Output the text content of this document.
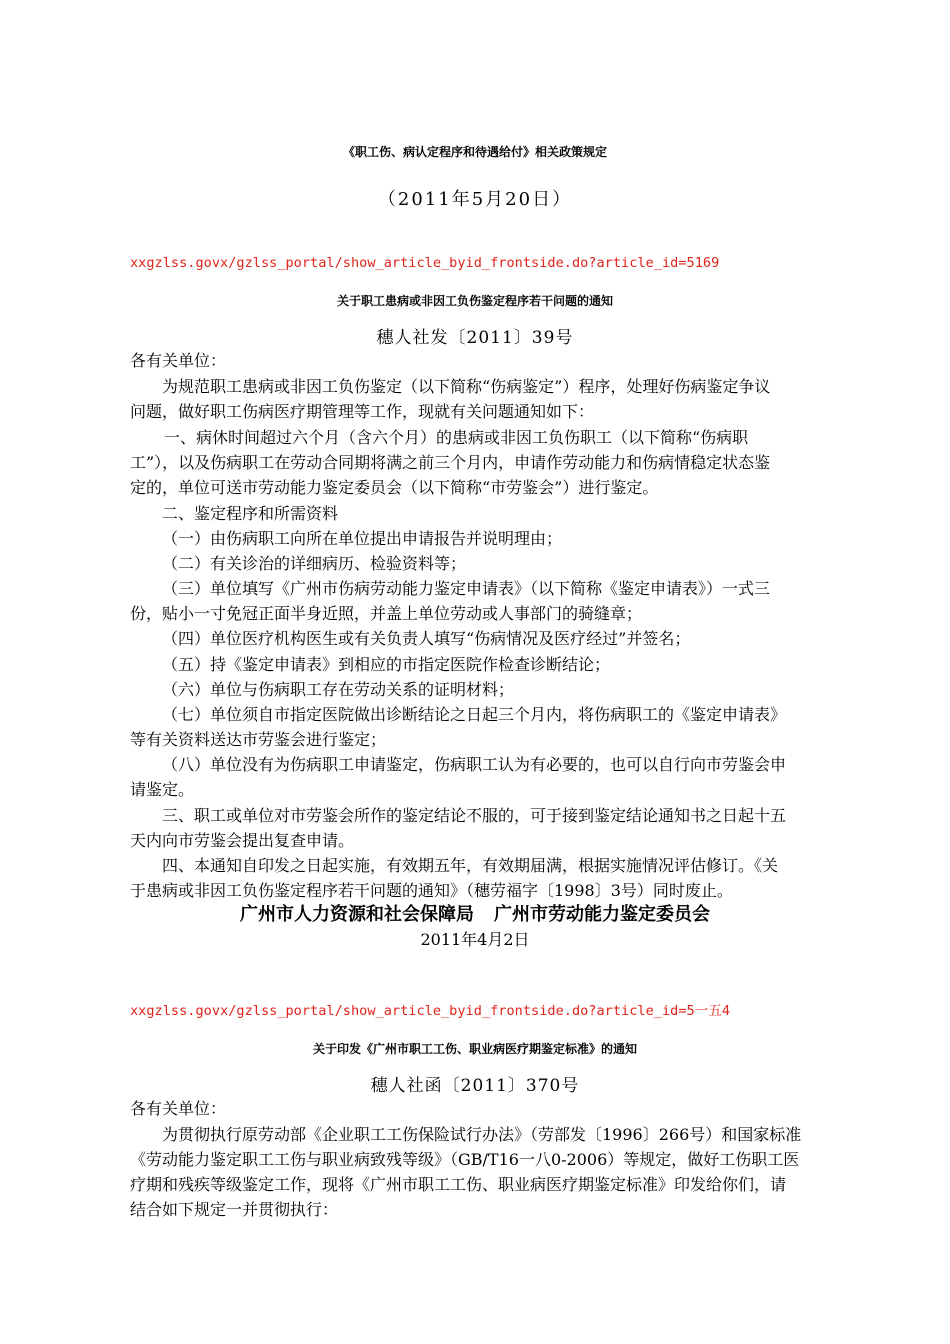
《职工伤、病认定程序和待遇给付》相关政策规定
（2011年5月20日）
xxgzlss.govx/gzlss_portal/show_article_byid_frontside.do?article_id=5169
关于职工患病或非因工负伤鉴定程序若干问题的通知
穗人社发〔2011〕39号
各有关单位：
为规范职工患病或非因工负伤鉴定（以下简称“伤病鉴定”）程序，处理好伤病鉴定争议
问题，做好职工伤病医疗期管理等工作，现就有关问题通知如下：
一、病休时间超过六个月（含六个月）的患病或非因工负伤职工（以下简称“伤病职
工”），以及伤病职工在劳动合同期将满之前三个月内，申请作劳动能力和伤病情稳定状态鉴
定的，单位可送市劳动能力鉴定委员会（以下简称“市劳鉴会”）进行鉴定。
二、鉴定程序和所需资料
（一）由伤病职工向所在单位提出申请报告并说明理由；
（二）有关诊治的详细病历、检验资料等；
（三）单位填写《广州市伤病劳动能力鉴定申请表》（以下简称《鉴定申请表》）一式三
份，贴小一寸免冠正面半身近照，并盖上单位劳动或人事部门的骑缝章；
（四）单位医疗机构医生或有关负责人填写“伤病情况及医疗经过”并签名；
（五）持《鉴定申请表》到相应的市指定医院作检查诊断结论；
（六）单位与伤病职工存在劳动关系的证明材料；
（七）单位须自市指定医院做出诊断结论之日起三个月内，将伤病职工的《鉴定申请表》
等有关资料送达市劳鉴会进行鉴定；
（八）单位没有为伤病职工申请鉴定，伤病职工认为有必要的，也可以自行向市劳鉴会申
请鉴定。
三、职工或单位对市劳鉴会所作的鉴定结论不服的，可于接到鉴定结论通知书之日起十五
天内向市劳鉴会提出复查申请。
四、本通知自印发之日起实施，有效期五年，有效期届满，根据实施情况评估修订。《关
于患病或非因工负伤鉴定程序若干问题的通知》（穗劳福字〔1998〕3号）同时废止。
广州市人力资源和社会保障局 广州市劳动能力鉴定委员会
2011年4月2日
xxgzlss.govx/gzlss_portal/show_article_byid_frontside.do?article_id=5一五4
关于印发《广州市职工工伤、职业病医疗期鉴定标准》的通知
穗人社函〔2011〕370号
各有关单位：
为贯彻执行原劳动部《企业职工工伤保险试行办法》（劳部发〔1996〕266号）和国家标准
《劳动能力鉴定职工工伤与职业病致残等级》（GB/T16一八0-2006）等规定，做好工伤职工医
疗期和残疾等级鉴定工作，现将《广州市职工工伤、职业病医疗期鉴定标准》印发给你们，请
结合如下规定一并贯彻执行：
